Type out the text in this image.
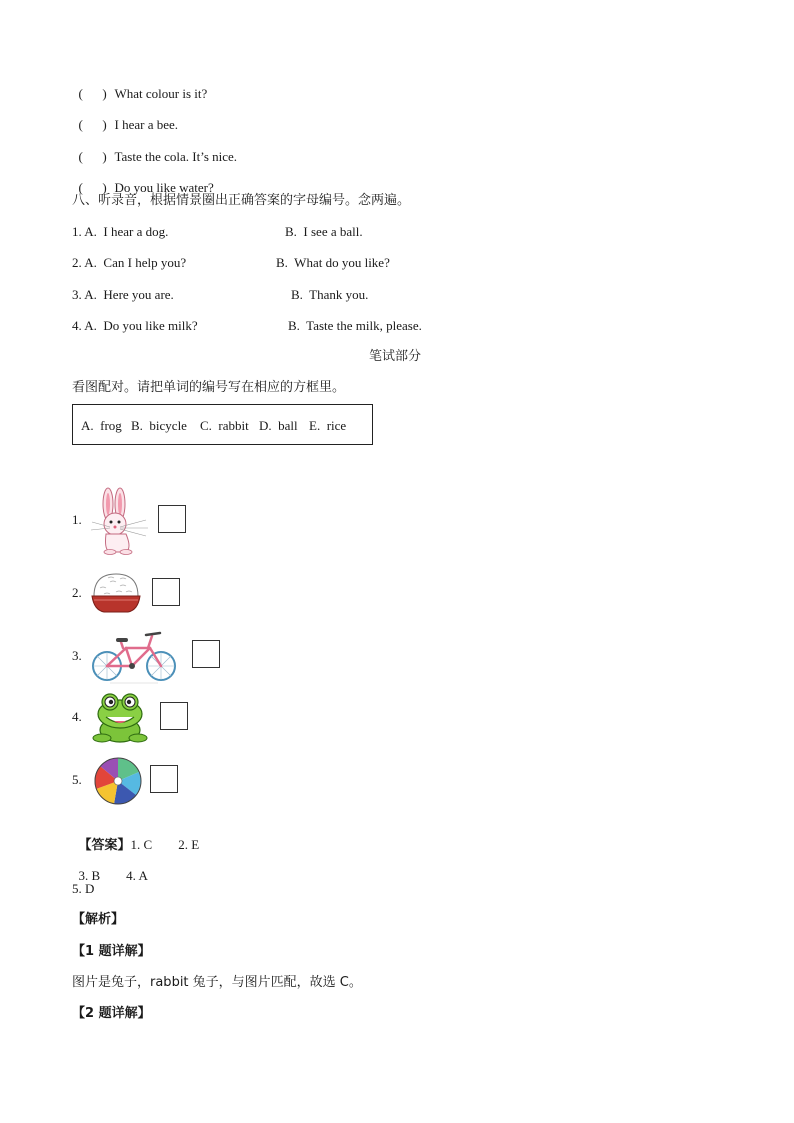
(      ) What colour is it?

(      ) I hear a bee.

(      ) Taste the cola. It’s nice.

(      ) Do you like water?

八、听录音，根据情景圈出正确答案的字母编号。念两遍。
1. A.  I hear a dog.	B.  I see a ball.
2. A.  Can I help you?	B.  What do you like?
3. A.  Here you are.	B.  Thank you.
4. A.  Do you like milk?	B.  Taste the milk, please.
笔试部分
看图配对。请把单词的编号写在相应的方框里。
A.  frog B.  bicycle C.  rabbit D.  ball E.  rice
1.
2.
3.
4.
5.

【答案】1. C 2. E

3. B 4. A

5. D
【解析】
【1 题详解】
图片是兔子，rabbit 兔子，与图片匹配，故选 C。
【2 题详解】
